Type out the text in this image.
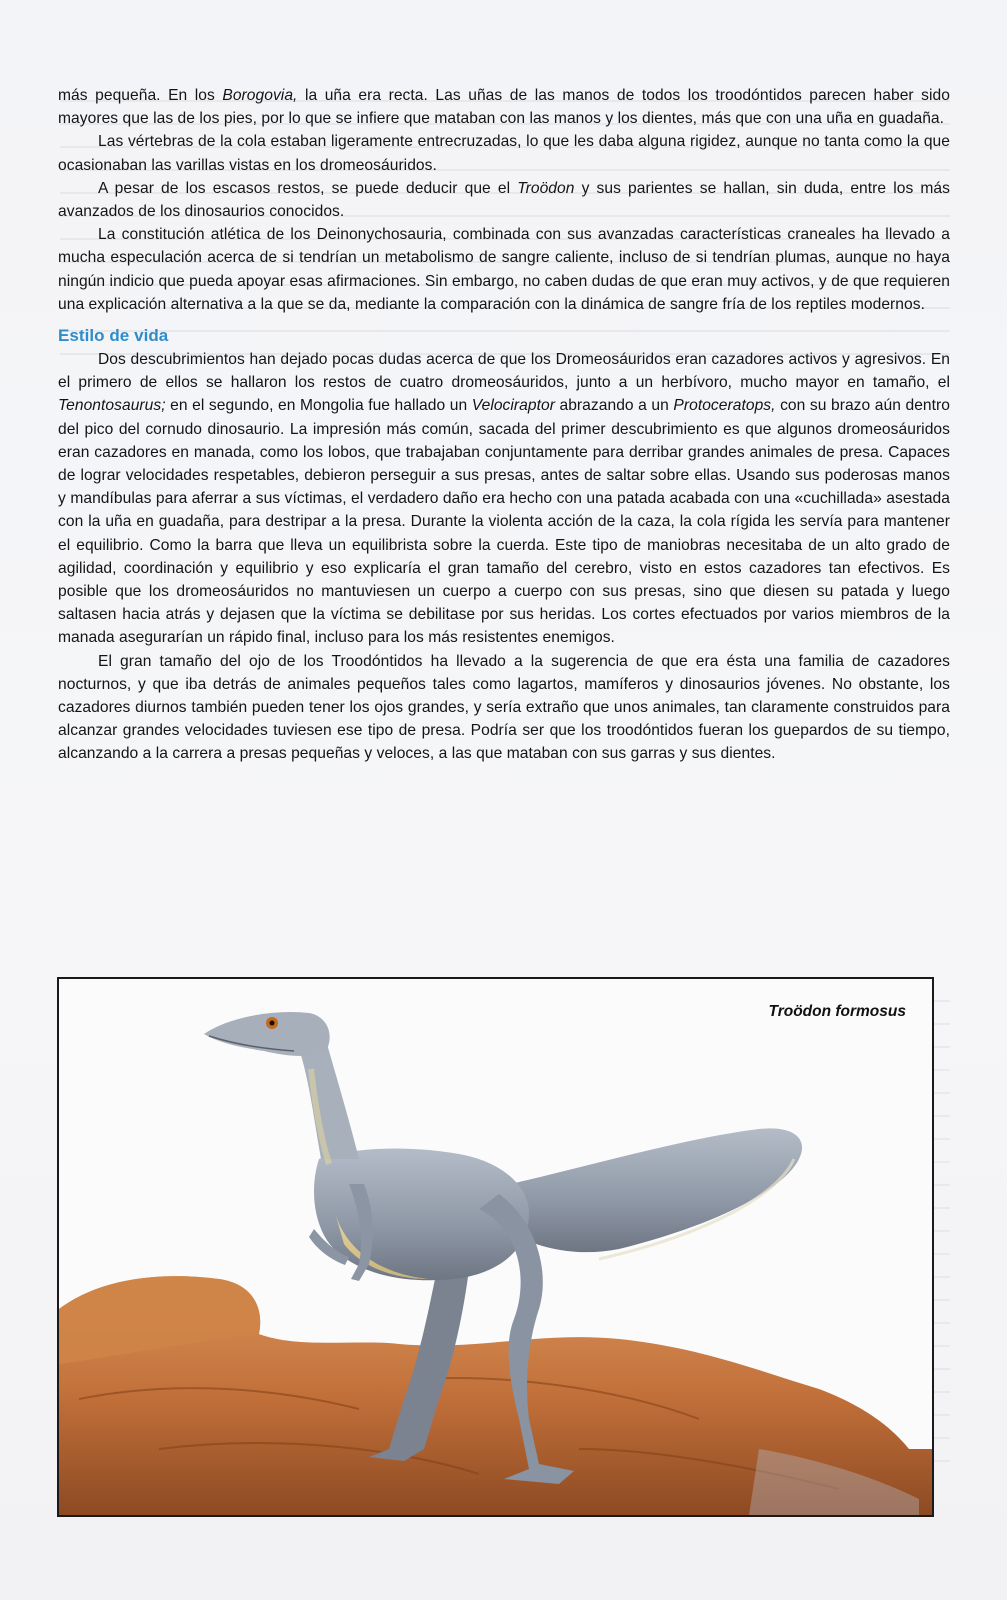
más pequeña. En los Borogovia, la uña era recta. Las uñas de las manos de todos los troodóntidos parecen haber sido mayores que las de los pies, por lo que se infiere que mataban con las manos y los dientes, más que con una uña en guadaña.

Las vértebras de la cola estaban ligeramente entrecruzadas, lo que les daba alguna rigidez, aunque no tanta como la que ocasionaban las varillas vistas en los dromeosáuridos.

A pesar de los escasos restos, se puede deducir que el Troödon y sus parientes se hallan, sin duda, entre los más avanzados de los dinosaurios conocidos.

La constitución atlética de los Deinonychosauria, combinada con sus avanzadas características craneales ha llevado a mucha especulación acerca de si tendrían un metabolismo de sangre caliente, incluso de si tendrían plumas, aunque no haya ningún indicio que pueda apoyar esas afirmaciones. Sin embargo, no caben dudas de que eran muy activos, y de que requieren una explicación alternativa a la que se da, mediante la comparación con la dinámica de sangre fría de los reptiles modernos.

Estilo de vida

Dos descubrimientos han dejado pocas dudas acerca de que los Dromeosáuridos eran cazadores activos y agresivos. En el primero de ellos se hallaron los restos de cuatro dromeosáuridos, junto a un herbívoro, mucho mayor en tamaño, el Tenontosaurus; en el segundo, en Mongolia fue hallado un Velociraptor abrazando a un Protoceratops, con su brazo aún dentro del pico del cornudo dinosaurio. La impresión más común, sacada del primer descubrimiento es que algunos dromeosáuridos eran cazadores en manada, como los lobos, que trabajaban conjuntamente para derribar grandes animales de presa. Capaces de lograr velocidades respetables, debieron perseguir a sus presas, antes de saltar sobre ellas. Usando sus poderosas manos y mandíbulas para aferrar a sus víctimas, el verdadero daño era hecho con una patada acabada con una «cuchillada» asestada con la uña en guadaña, para destripar a la presa. Durante la violenta acción de la caza, la cola rígida les servía para mantener el equilibrio. Como la barra que lleva un equilibrista sobre la cuerda. Este tipo de maniobras necesitaba de un alto grado de agilidad, coordinación y equilibrio y eso explicaría el gran tamaño del cerebro, visto en estos cazadores tan efectivos. Es posible que los dromeosáuridos no mantuviesen un cuerpo a cuerpo con sus presas, sino que diesen su patada y luego saltasen hacia atrás y dejasen que la víctima se debilitase por sus heridas. Los cortes efectuados por varios miembros de la manada asegurarían un rápido final, incluso para los más resistentes enemigos.

El gran tamaño del ojo de los Troodóntidos ha llevado a la sugerencia de que era ésta una familia de cazadores nocturnos, y que iba detrás de animales pequeños tales como lagartos, mamíferos y dinosaurios jóvenes. No obstante, los cazadores diurnos también pueden tener los ojos grandes, y sería extraño que unos animales, tan claramente construidos para alcanzar grandes velocidades tuviesen ese tipo de presa. Podría ser que los troodóntidos fueran los guepardos de su tiempo, alcanzando a la carrera a presas pequeñas y veloces, a las que mataban con sus garras y sus dientes.

Troödon formosus
